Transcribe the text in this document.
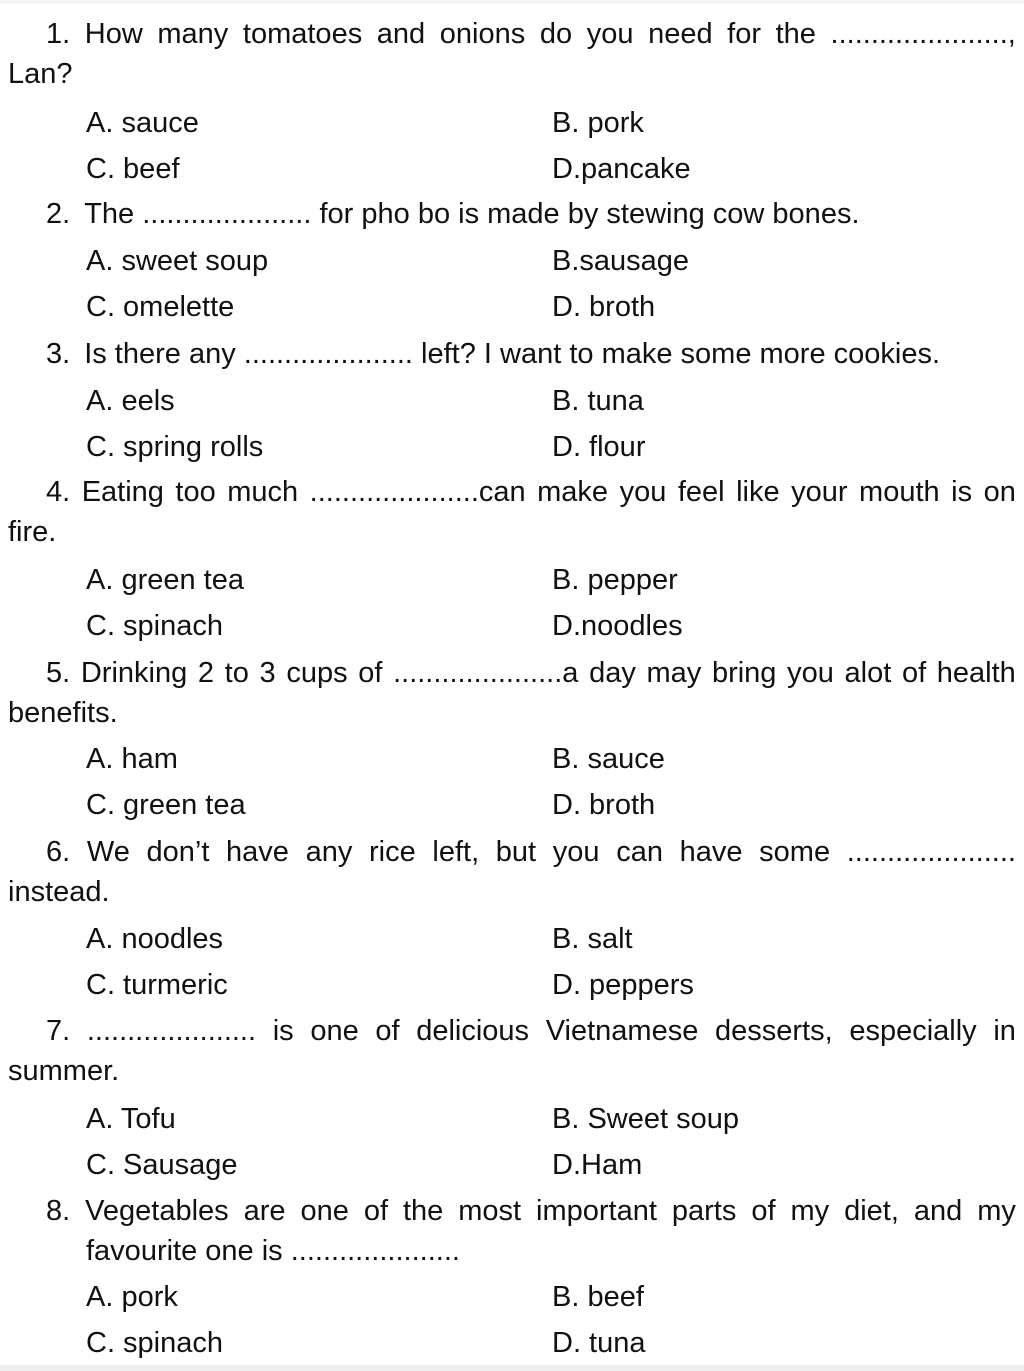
1. How many tomatoes and onions do you need for the ......................,
Lan?
A. sauce	B. pork
C. beef	D.pancake
2. The ..................... for pho bo is made by stewing cow bones.
A. sweet soup	B.sausage
C. omelette	D. broth
3. Is there any ..................... left? I want to make some more cookies.
A. eels	B. tuna
C. spring rolls	D. flour
4. Eating too much .....................can make you feel like your mouth is on
fire.
A. green tea	B. pepper
C. spinach	D.noodles
5. Drinking 2 to 3 cups of .....................a day may bring you alot of health
benefits.
A. ham	B. sauce
C. green tea	D. broth
6. We don’t have any rice left, but you can have some .....................
instead.
A. noodles	B. salt
C. turmeric	D. peppers
7. ..................... is one of delicious Vietnamese desserts, especially in
summer.
A. Tofu	B. Sweet soup
C. Sausage	D.Ham
8. Vegetables are one of the most important parts of my diet, and my
favourite one is .....................
A. pork	B. beef
C. spinach	D. tuna
